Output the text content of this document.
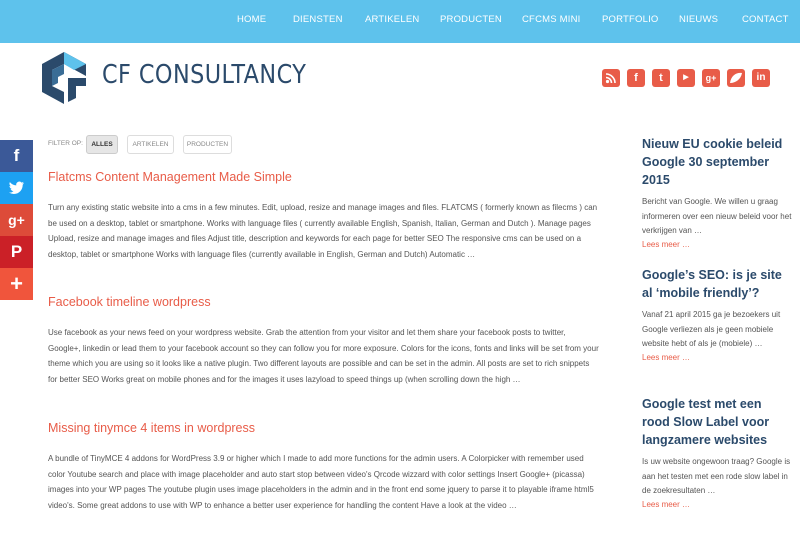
HOME	DIENSTEN ARTIKELEN PRODUCTEN CFCMS MINI PORTFOLIO NIEUWS	CONTACT
CF CONSULTANCY	f	t	▶	g+	in
f
g+
P
+
FILTER OP:	ALLES	ARTIKELEN	PRODUCTEN
Flatcms Content Management Made Simple

Turn any existing static website into a cms in a few minutes. Edit, upload, resize and manage images and files. FLATCMS ( formerly known as filecms ) can be used on a desktop, tablet or smartphone. Works with language files ( currently available English, Spanish, Italian, German and Dutch ). Manage pages Upload, resize and manage images and files Adjust title, description and keywords for each page for better SEO The responsive cms can be used on a desktop, tablet or smartphone Works with language files (currently available in English, German and Dutch) Automatic …

Facebook timeline wordpress

Use facebook as your news feed on your wordpress website. Grab the attention from your visitor and let them share your facebook posts to twitter, Google+, linkedin or lead them to your facebook account so they can follow you for more exposure. Colors for the icons, fonts and links will be set from your theme which you are using so it looks like a native plugin. Two different layouts are possible and can be set in the admin. All posts are set to rich snippets for better SEO Works great on mobile phones and for the images it uses lazyload to speed things up (when scrolling down the high …

Missing tinymce 4 items in wordpress

A bundle of TinyMCE 4 addons for WordPress 3.9 or higher which I made to add more functions for the admin users. A Colorpicker with remember used color Youtube search and place with image placeholder and auto start stop between video's Qrcode wizzard with color settings Insert Google+ (picassa) images into your WP pages The youtube plugin uses image placeholders in the admin and in the front end some jquery to parse it to playable iframe html5 video's. Some great addons to use with WP to enhance a better user experience for handling the content Have a look at the video …

Nieuw EU cookie beleid Google 30 september 2015

Bericht van Google. We willen u graag informeren over een nieuw beleid voor het verkrijgen van …

Lees meer …
Google’s SEO: is je site al ‘mobile friendly’?

Vanaf 21 april 2015 ga je bezoekers uit Google verliezen als je geen mobiele website hebt of als je (mobiele) …

Lees meer …
Google test met een rood Slow Label voor langzamere websites

Is uw website ongewoon traag? Google is aan het testen met een rode slow label in de zoekresultaten …

Lees meer …
